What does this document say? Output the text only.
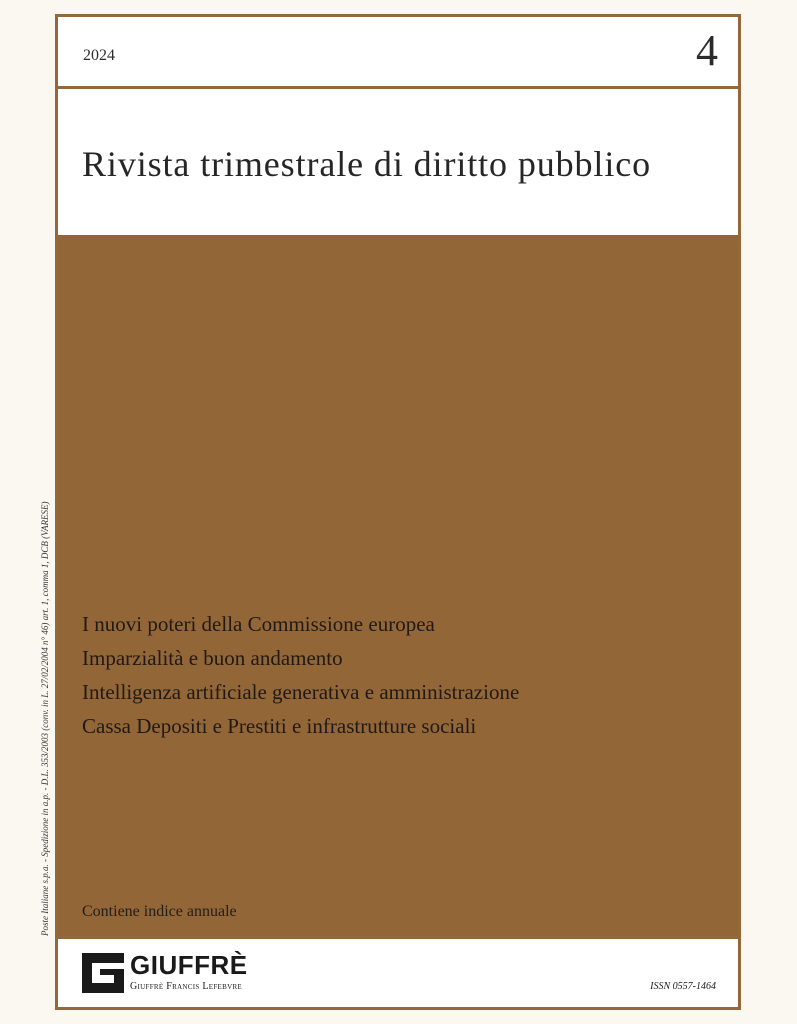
Poste Italiane s.p.a. - Spedizione in a.p. - D.L. 353/2003 (conv. in L. 27/02/2004 n° 46) art. 1, comma 1, DCB (VARESE)
2024	4
Rivista trimestrale di diritto pubblico
I nuovi poteri della Commissione europea
Imparzialità e buon andamento
Intelligenza artificiale generativa e amministrazione
Cassa Depositi e Prestiti e infrastrutture sociali
Contiene indice annuale
GIUFFRÈ
Giuffrè Francis Lefebvre	ISSN 0557-1464
